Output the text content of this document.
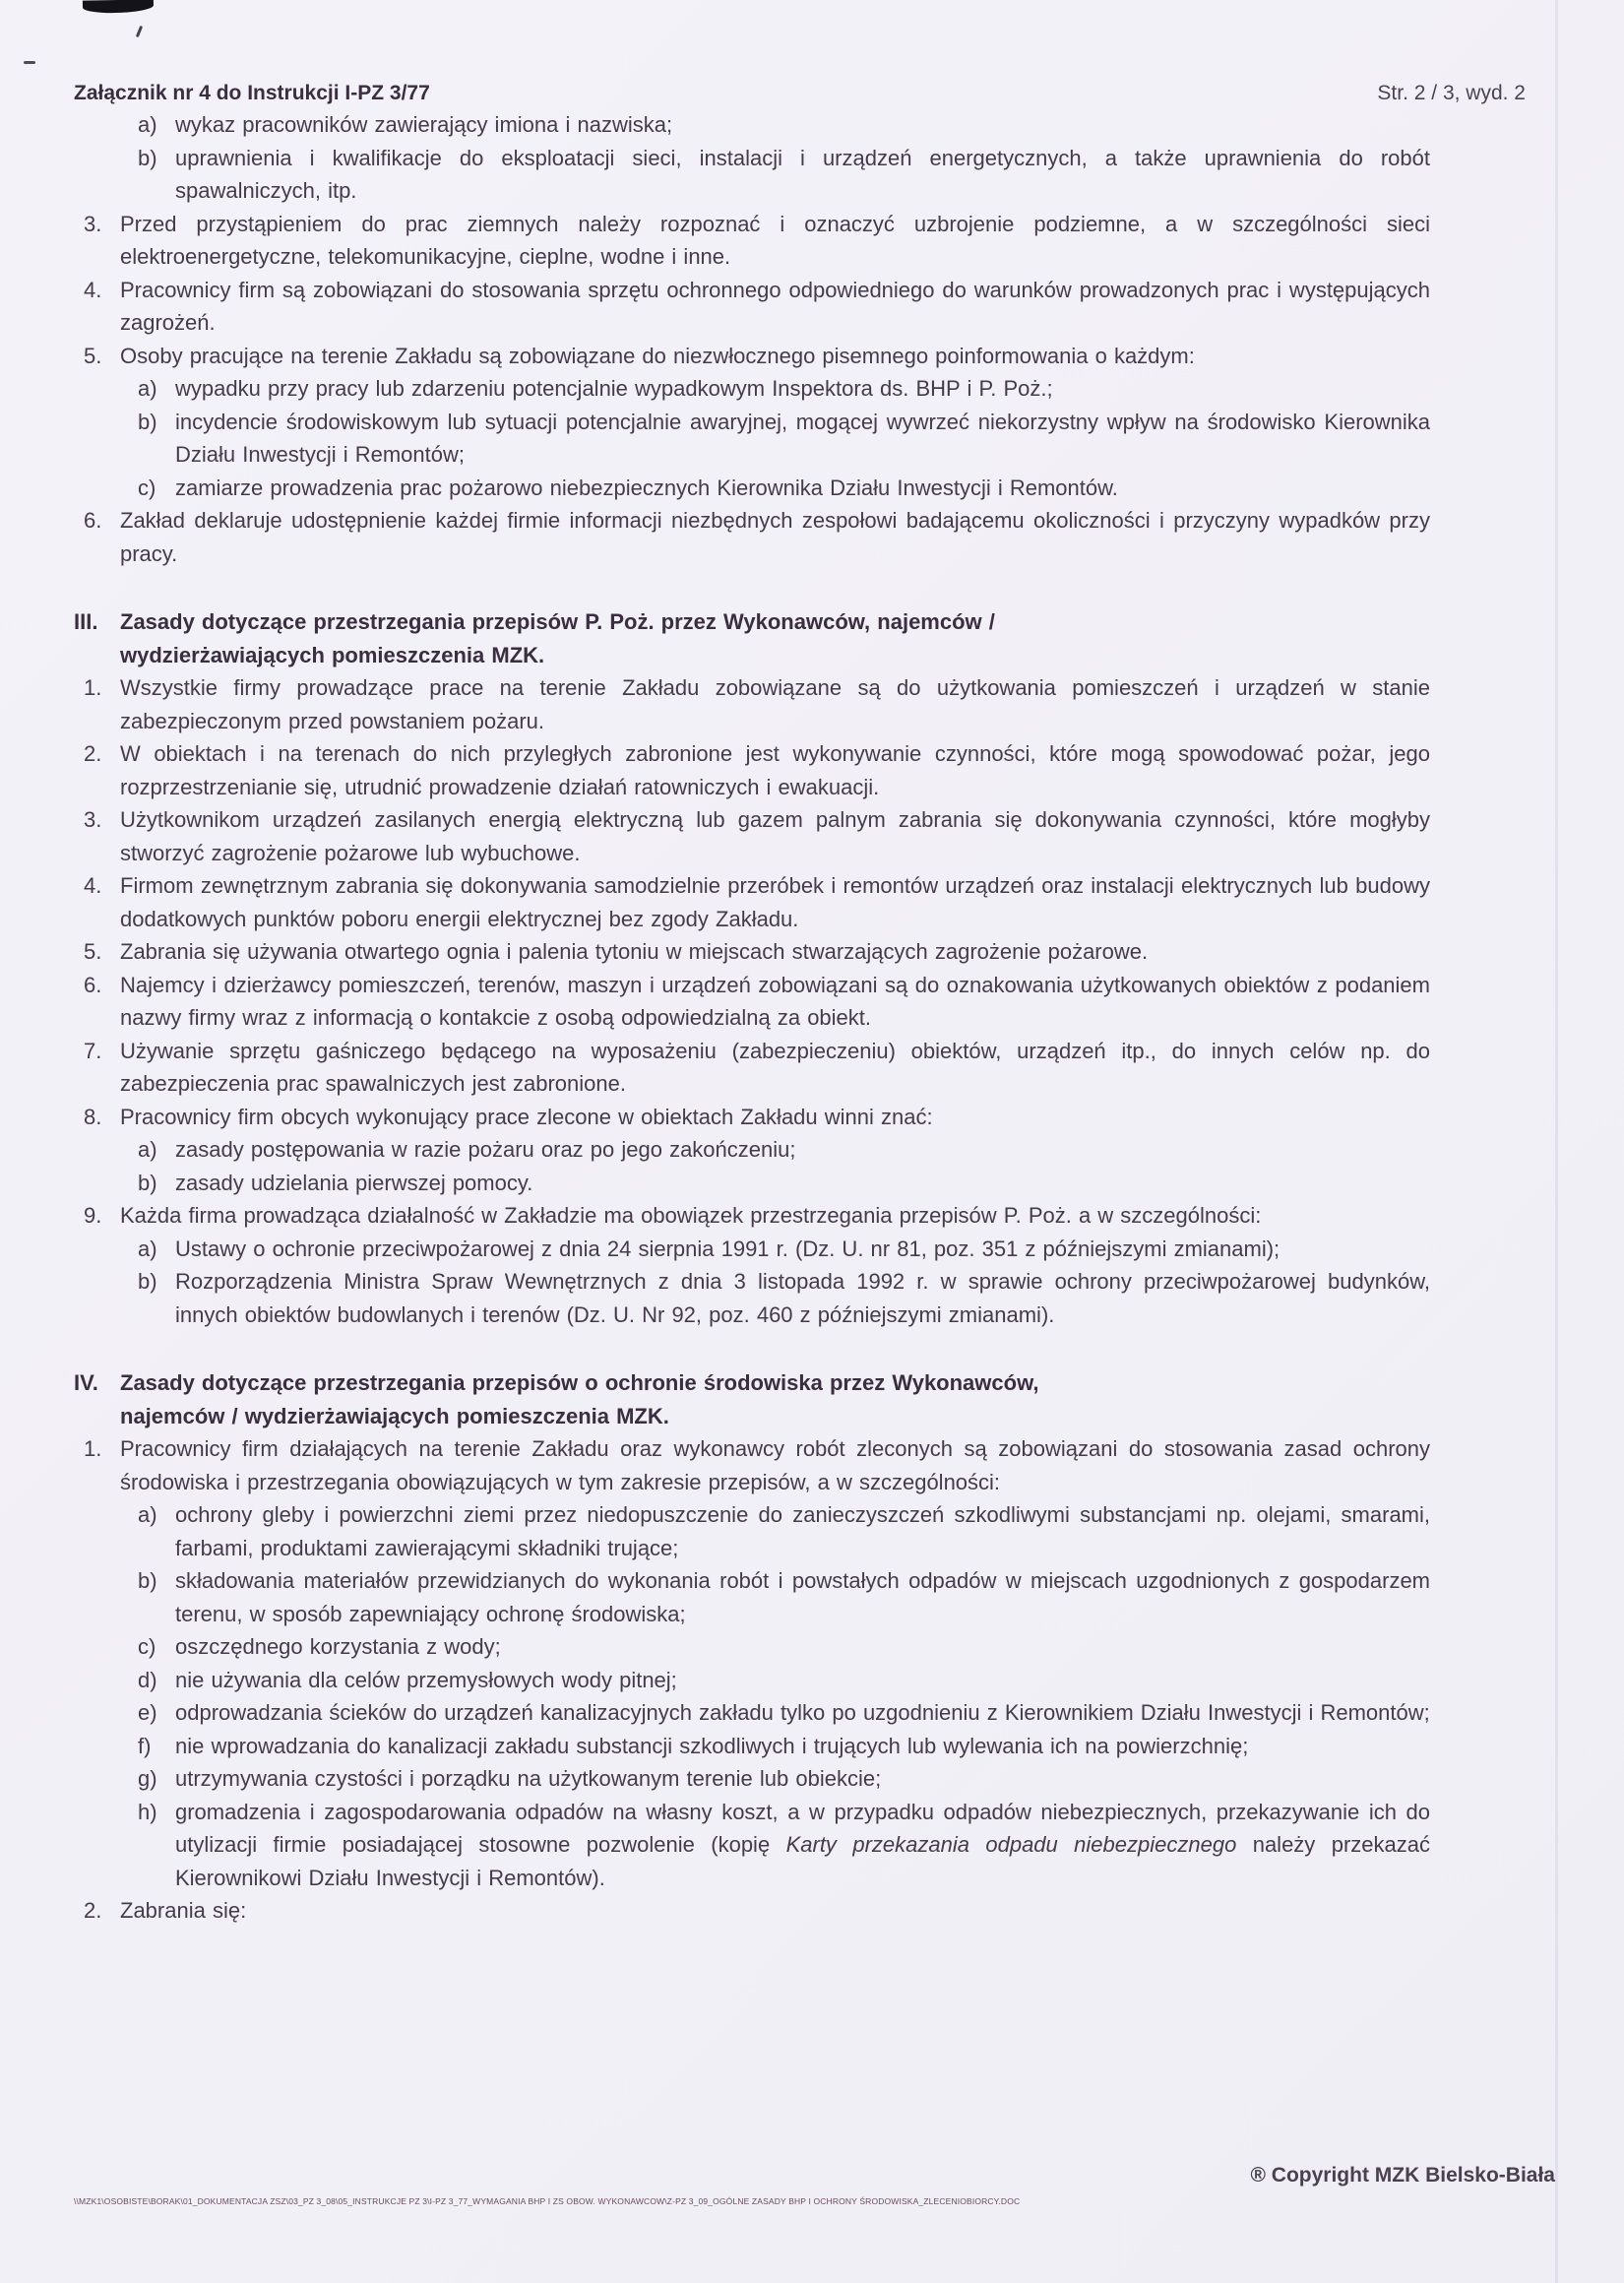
Załącznik nr 4 do Instrukcji I-PZ 3/77	Str. 2 / 3, wyd. 2
a) wykaz pracowników zawierający imiona i nazwiska;
b) uprawnienia i kwalifikacje do eksploatacji sieci, instalacji i urządzeń energetycznych, a także uprawnienia do robót spawalniczych, itp.
3. Przed przystąpieniem do prac ziemnych należy rozpoznać i oznaczyć uzbrojenie podziemne, a w szczególności sieci elektroenergetyczne, telekomunikacyjne, cieplne, wodne i inne.
4. Pracownicy firm są zobowiązani do stosowania sprzętu ochronnego odpowiedniego do warunków prowadzonych prac i występujących zagrożeń.
5. Osoby pracujące na terenie Zakładu są zobowiązane do niezwłocznego pisemnego poinformowania o każdym:
a) wypadku przy pracy lub zdarzeniu potencjalnie wypadkowym Inspektora ds. BHP i P. Poż.;
b) incydencie środowiskowym lub sytuacji potencjalnie awaryjnej, mogącej wywrzeć niekorzystny wpływ na środowisko Kierownika Działu Inwestycji i Remontów;
c) zamiarze prowadzenia prac pożarowo niebezpiecznych Kierownika Działu Inwestycji i Remontów.
6. Zakład deklaruje udostępnienie każdej firmie informacji niezbędnych zespołowi badającemu okoliczności i przyczyny wypadków przy pracy.
III.	Zasady dotyczące przestrzegania przepisów P. Poż. przez Wykonawców, najemców /
wydzierżawiających pomieszczenia MZK.
1. Wszystkie firmy prowadzące prace na terenie Zakładu zobowiązane są do użytkowania pomieszczeń i urządzeń w stanie zabezpieczonym przed powstaniem pożaru.
2. W obiektach i na terenach do nich przyległych zabronione jest wykonywanie czynności, które mogą spowodować pożar, jego rozprzestrzenianie się, utrudnić prowadzenie działań ratowniczych i ewakuacji.
3. Użytkownikom urządzeń zasilanych energią elektryczną lub gazem palnym zabrania się dokonywania czynności, które mogłyby stworzyć zagrożenie pożarowe lub wybuchowe.
4. Firmom zewnętrznym zabrania się dokonywania samodzielnie przeróbek i remontów urządzeń oraz instalacji elektrycznych lub budowy dodatkowych punktów poboru energii elektrycznej bez zgody Zakładu.
5. Zabrania się używania otwartego ognia i palenia tytoniu w miejscach stwarzających zagrożenie pożarowe.
6. Najemcy i dzierżawcy pomieszczeń, terenów, maszyn i urządzeń zobowiązani są do oznakowania użytkowanych obiektów z podaniem nazwy firmy wraz z informacją o kontakcie z osobą odpowiedzialną za obiekt.
7. Używanie sprzętu gaśniczego będącego na wyposażeniu (zabezpieczeniu) obiektów, urządzeń itp., do innych celów np. do zabezpieczenia prac spawalniczych jest zabronione.
8. Pracownicy firm obcych wykonujący prace zlecone w obiektach Zakładu winni znać:
a) zasady postępowania w razie pożaru oraz po jego zakończeniu;
b) zasady udzielania pierwszej pomocy.
9. Każda firma prowadząca działalność w Zakładzie ma obowiązek przestrzegania przepisów P. Poż. a w szczególności:
a) Ustawy o ochronie przeciwpożarowej z dnia 24 sierpnia 1991 r. (Dz. U. nr 81, poz. 351 z późniejszymi zmianami);
b) Rozporządzenia Ministra Spraw Wewnętrznych z dnia 3 listopada 1992 r. w sprawie ochrony przeciwpożarowej budynków, innych obiektów budowlanych i terenów (Dz. U. Nr 92, poz. 460 z późniejszymi zmianami).
IV.	Zasady dotyczące przestrzegania przepisów o ochronie środowiska przez Wykonawców,
najemców / wydzierżawiających pomieszczenia MZK.
1. Pracownicy firm działających na terenie Zakładu oraz wykonawcy robót zleconych są zobowiązani do stosowania zasad ochrony środowiska i przestrzegania obowiązujących w tym zakresie przepisów, a w szczególności:
a) ochrony gleby i powierzchni ziemi przez niedopuszczenie do zanieczyszczeń szkodliwymi substancjami np. olejami, smarami, farbami, produktami zawierającymi składniki trujące;
b) składowania materiałów przewidzianych do wykonania robót i powstałych odpadów w miejscach uzgodnionych z gospodarzem terenu, w sposób zapewniający ochronę środowiska;
c) oszczędnego korzystania z wody;
d) nie używania dla celów przemysłowych wody pitnej;
e) odprowadzania ścieków do urządzeń kanalizacyjnych zakładu tylko po uzgodnieniu z Kierownikiem Działu Inwestycji i Remontów;
f)	nie wprowadzania do kanalizacji zakładu substancji szkodliwych i trujących lub wylewania ich na powierzchnię;
g) utrzymywania czystości i porządku na użytkowanym terenie lub obiekcie;
h) gromadzenia i zagospodarowania odpadów na własny koszt, a w przypadku odpadów niebezpiecznych, przekazywanie ich do utylizacji firmie posiadającej stosowne pozwolenie (kopię Karty przekazania odpadu niebezpiecznego należy przekazać Kierownikowi Działu Inwestycji i Remontów).
2. Zabrania się:
® Copyright MZK Bielsko-Biała
\\MZK1\OSOBISTE\BORAK\01_DOKUMENTACJA ZSZ\03_PZ 3_08\05_INSTRUKCJE PZ 3\I-PZ 3_77_WYMAGANIA BHP I ZS OBOW. WYKONAWCOW\Z-PZ 3_09_OGÓLNE ZASADY BHP I OCHRONY ŚRODOWISKA_ZLECENIOBIORCY.DOC
